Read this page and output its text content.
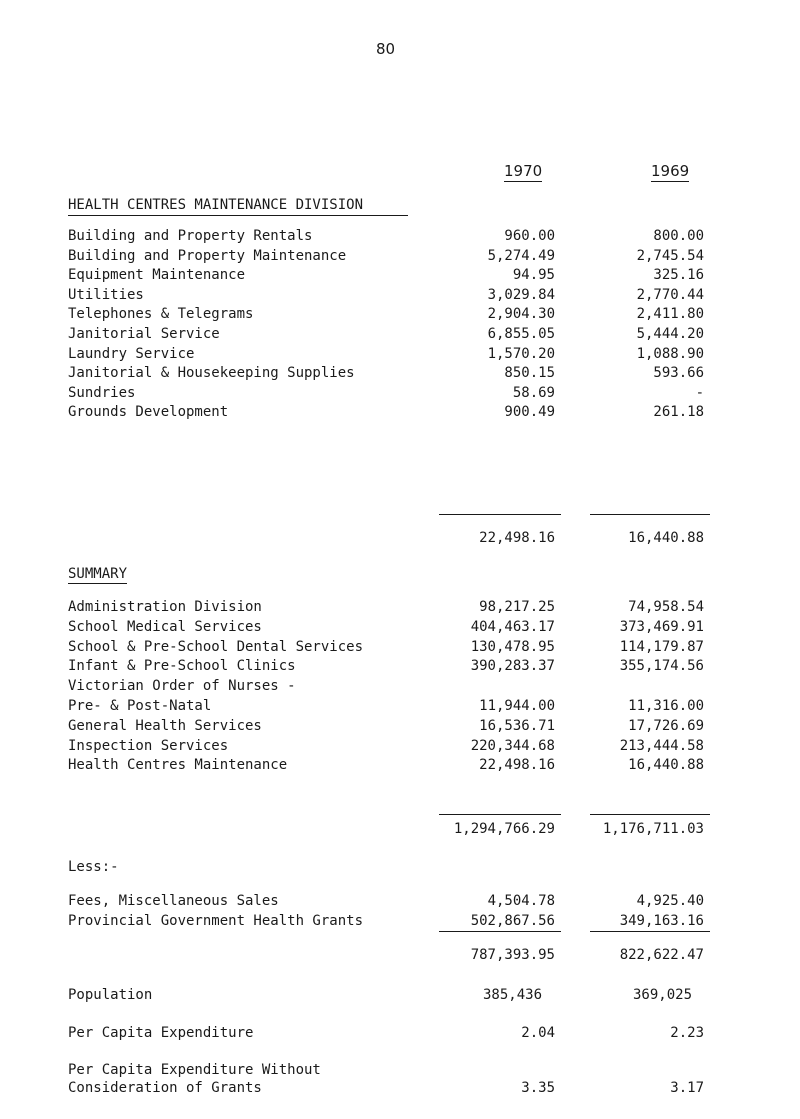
80
1970	1969
HEALTH CENTRES MAINTENANCE DIVISION
Building and Property Rentals	960.00	800.00
Building and Property Maintenance	5,274.49	2,745.54
Equipment Maintenance	94.95	325.16
Utilities	3,029.84	2,770.44
Telephones & Telegrams	2,904.30	2,411.80
Janitorial Service	6,855.05	5,444.20
Laundry Service	1,570.20	1,088.90
Janitorial & Housekeeping Supplies	850.15	593.66
Sundries	58.69	-
Grounds Development	900.49	261.18
22,498.16	16,440.88
SUMMARY
Administration Division	98,217.25	74,958.54
School Medical Services	404,463.17	373,469.91
School & Pre-School Dental Services	130,478.95	114,179.87
Infant & Pre-School Clinics	390,283.37	355,174.56
Victorian Order of Nurses -
Pre- & Post-Natal	11,944.00	11,316.00
General Health Services	16,536.71	17,726.69
Inspection Services	220,344.68	213,444.58
Health Centres Maintenance	22,498.16	16,440.88
1,294,766.29	1,176,711.03
Less:-
Fees, Miscellaneous Sales	4,504.78	4,925.40
Provincial Government Health Grants	502,867.56	349,163.16
787,393.95	822,622.47
Population	385,436	369,025
Per Capita Expenditure	2.04	2.23
Per Capita Expenditure Without
Consideration of Grants	3.35	3.17
